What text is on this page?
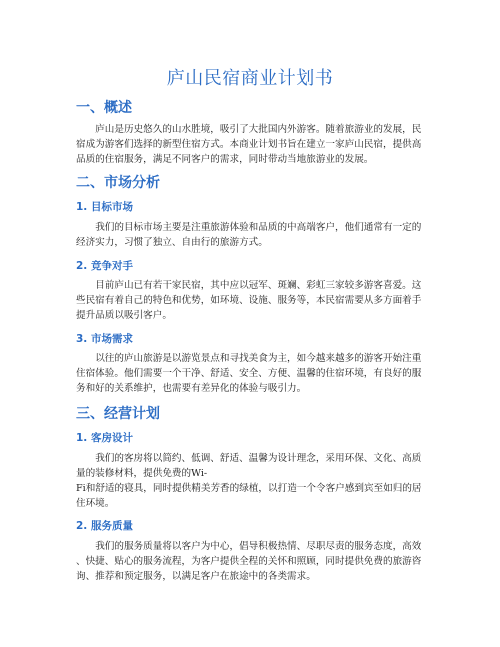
庐山民宿商业计划书
一、概述
庐山是历史悠久的山水胜境，吸引了大批国内外游客。随着旅游业的发展，民
宿成为游客们选择的新型住宿方式。本商业计划书旨在建立一家庐山民宿，提供高
品质的住宿服务，满足不同客户的需求，同时带动当地旅游业的发展。
二、市场分析
1. 目标市场
我们的目标市场主要是注重旅游体验和品质的中高端客户，他们通常有一定的
经济实力，习惯了独立、自由行的旅游方式。
2. 竞争对手
目前庐山已有若干家民宿，其中应以冠军、斑斓、彩虹三家较多游客喜爱。这
些民宿有着自己的特色和优势，如环境、设施、服务等，本民宿需要从多方面着手
提升品质以吸引客户。
3. 市场需求
以往的庐山旅游是以游览景点和寻找美食为主，如今越来越多的游客开始注重
住宿体验。他们需要一个干净、舒适、安全、方便、温馨的住宿环境，有良好的服
务和好的关系维护，也需要有差异化的体验与吸引力。
三、经营计划
1. 客房设计
我们的客房将以简约、低调、舒适、温馨为设计理念，采用环保、文化、高质
量的装修材料，提供免费的Wi-
Fi和舒适的寝具，同时提供精美芳香的绿植，以打造一个令客户感到宾至如归的居
住环境。
2. 服务质量
我们的服务质量将以客户为中心，倡导积极热情、尽职尽责的服务态度，高效
、快捷、贴心的服务流程，为客户提供全程的关怀和照顾，同时提供免费的旅游咨
询、推荐和预定服务，以满足客户在旅途中的各类需求。
